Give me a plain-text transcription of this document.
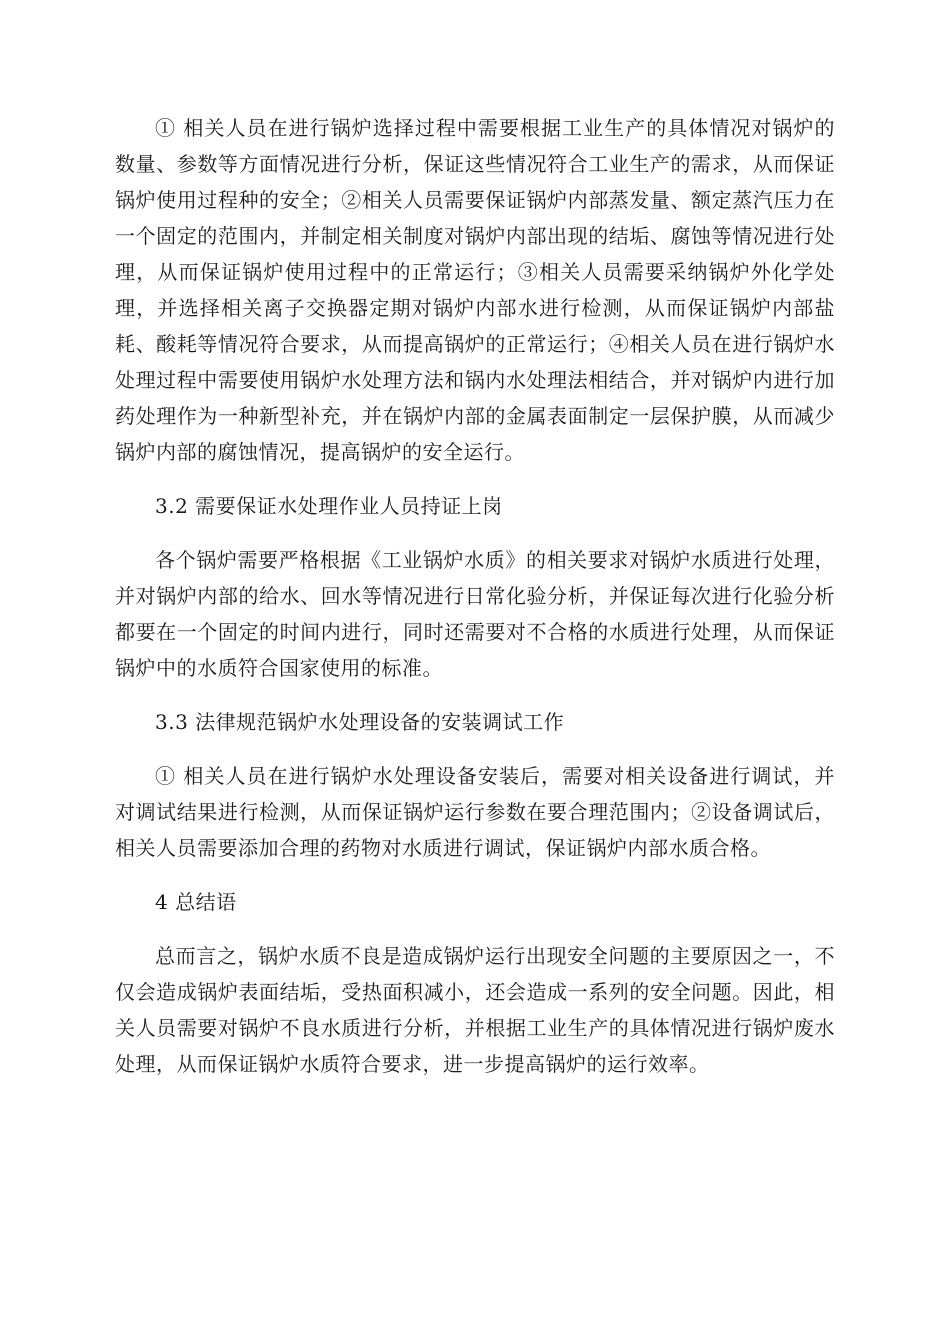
① 相关人员在进行锅炉选择过程中需要根据工业生产的具体情况对锅炉的数量、参数等方面情况进行分析，保证这些情况符合工业生产的需求，从而保证锅炉使用过程种的安全；②相关人员需要保证锅炉内部蒸发量、额定蒸汽压力在一个固定的范围内，并制定相关制度对锅炉内部出现的结垢、腐蚀等情况进行处理，从而保证锅炉使用过程中的正常运行；③相关人员需要采纳锅炉外化学处理，并选择相关离子交换器定期对锅炉内部水进行检测，从而保证锅炉内部盐耗、酸耗等情况符合要求，从而提高锅炉的正常运行；④相关人员在进行锅炉水处理过程中需要使用锅炉水处理方法和锅内水处理法相结合，并对锅炉内进行加药处理作为一种新型补充，并在锅炉内部的金属表面制定一层保护膜，从而减少锅炉内部的腐蚀情况，提高锅炉的安全运行。

3.2 需要保证水处理作业人员持证上岗

各个锅炉需要严格根据《工业锅炉水质》的相关要求对锅炉水质进行处理，并对锅炉内部的给水、回水等情况进行日常化验分析，并保证每次进行化验分析都要在一个固定的时间内进行，同时还需要对不合格的水质进行处理，从而保证锅炉中的水质符合国家使用的标准。

3.3 法律规范锅炉水处理设备的安装调试工作

① 相关人员在进行锅炉水处理设备安装后，需要对相关设备进行调试，并对调试结果进行检测，从而保证锅炉运行参数在要合理范围内；②设备调试后，相关人员需要添加合理的药物对水质进行调试，保证锅炉内部水质合格。

4 总结语

总而言之，锅炉水质不良是造成锅炉运行出现安全问题的主要原因之一，不仅会造成锅炉表面结垢，受热面积减小，还会造成一系列的安全问题。因此，相关人员需要对锅炉不良水质进行分析，并根据工业生产的具体情况进行锅炉废水处理，从而保证锅炉水质符合要求，进一步提高锅炉的运行效率。
